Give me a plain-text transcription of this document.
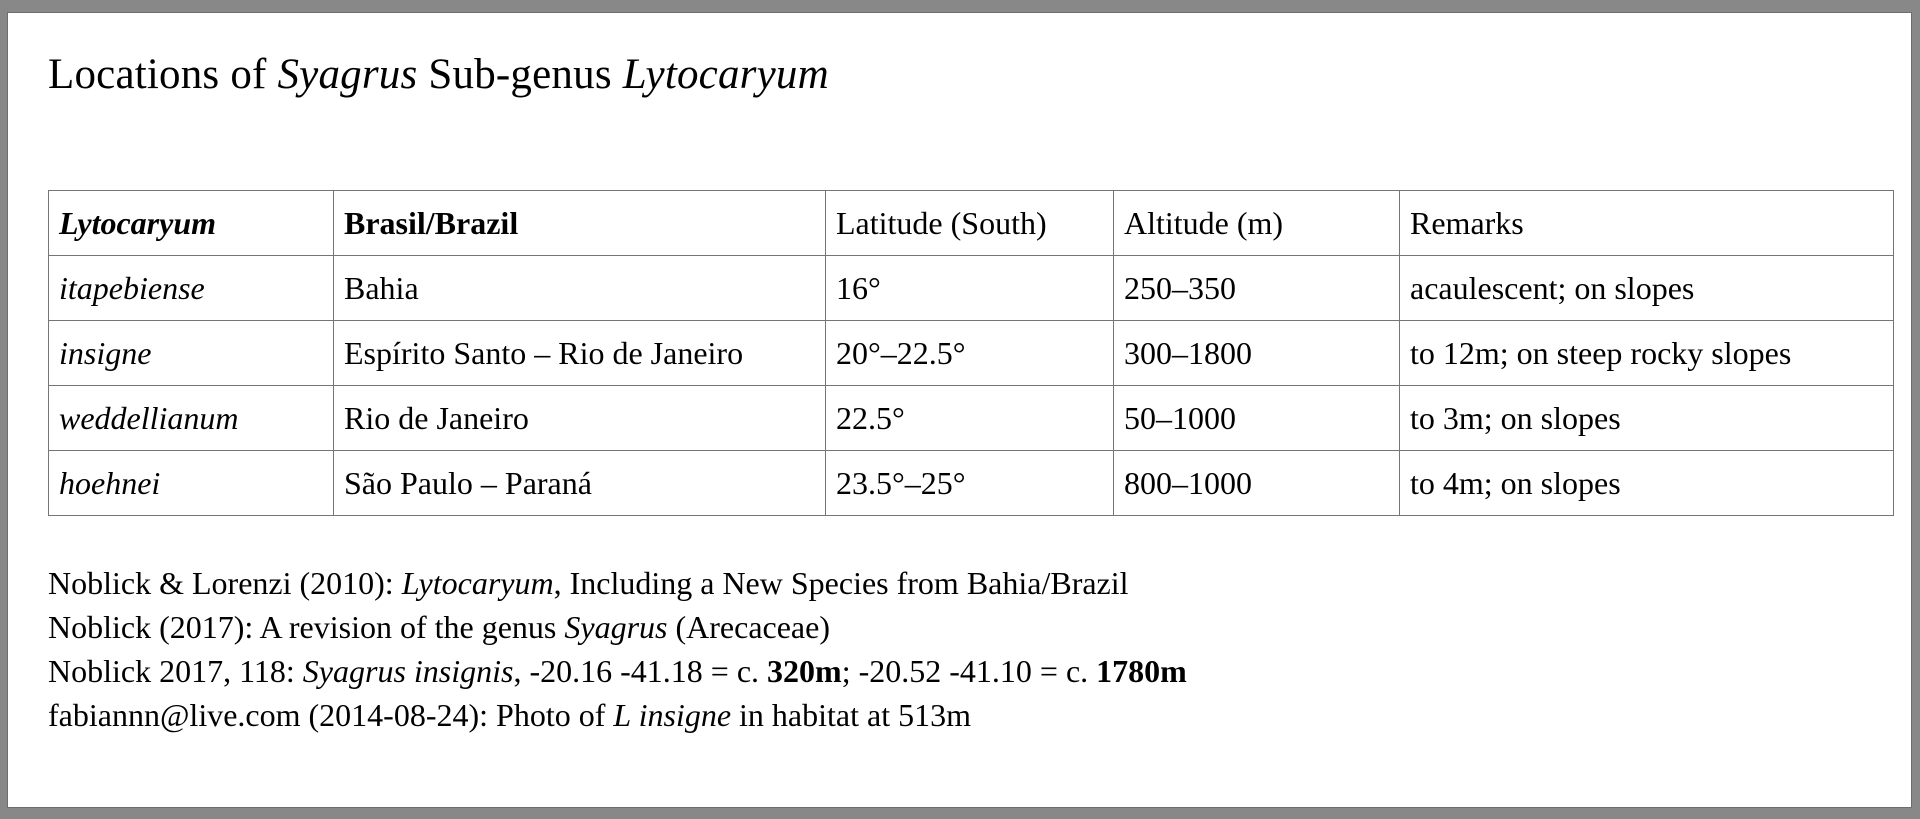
Locations of Syagrus Sub-genus Lytocaryum
Lytocaryum	Brasil/Brazil	Latitude (South)	Altitude (m)	Remarks
itapebiense	Bahia	16°	250–350	acaulescent; on slopes
insigne	Espírito Santo – Rio de Janeiro	20°–22.5°	300–1800	to 12m; on steep rocky slopes
weddellianum	Rio de Janeiro	22.5°	50–1000	to 3m; on slopes
hoehnei	São Paulo – Paraná	23.5°–25°	800–1000	to 4m; on slopes

Noblick & Lorenzi (2010): Lytocaryum, Including a New Species from Bahia/Brazil

Noblick (2017): A revision of the genus Syagrus (Arecaceae)

Noblick 2017, 118: Syagrus insignis, -20.16 -41.18 = c. 320m; -20.52 -41.10 = c. 1780m

fabiannn@live.com (2014-08-24): Photo of L insigne in habitat at 513m
